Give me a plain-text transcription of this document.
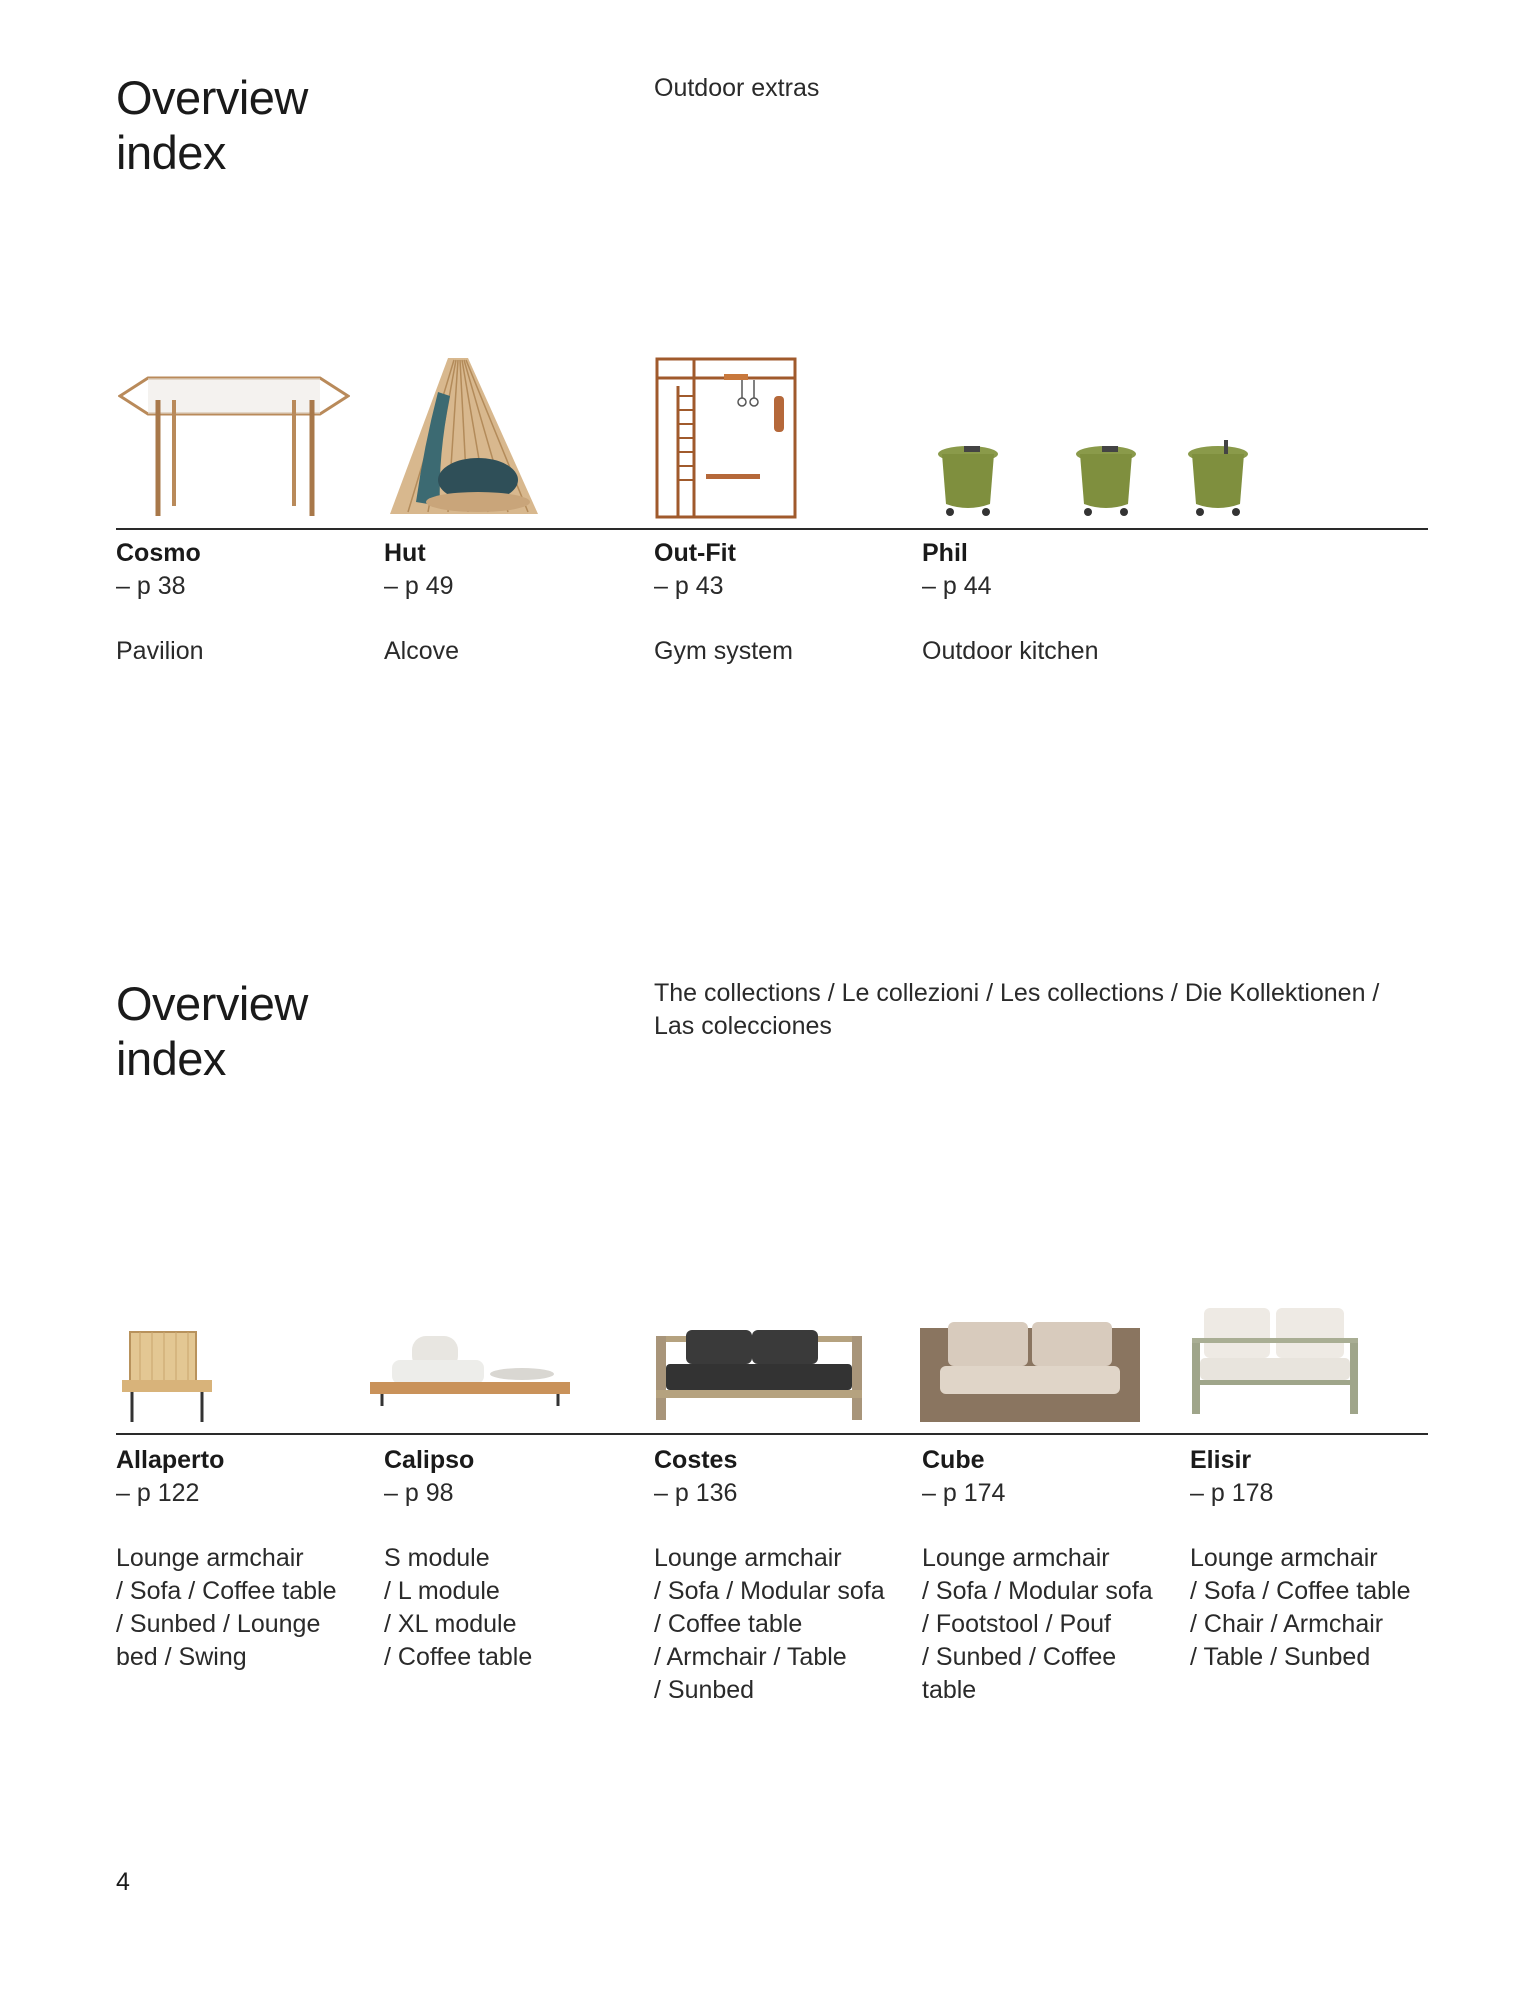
Overview
index

Outdoor extras

Cosmo
– p 38
Pavilion
Hut
– p 49
Alcove
Out-Fit
– p 43
Gym system
Phil
– p 44
Outdoor kitchen
Overview
index

The collections / Le collezioni / Les collections / Die Kollektionen / Las colecciones

Allaperto
– p 122
Lounge armchair
/ Sofa / Coffee table
/ Sunbed / Lounge
bed / Swing
Calipso
– p 98
S module
/ L module
/ XL module
/ Coffee table
Costes
– p 136
Lounge armchair
/ Sofa / Modular sofa
/ Coffee table
/ Armchair / Table
/ Sunbed
Cube
– p 174
Lounge armchair
/ Sofa / Modular sofa
/ Footstool / Pouf
/ Sunbed / Coffee
table
Elisir
– p 178
Lounge armchair
/ Sofa / Coffee table
/ Chair / Armchair
/ Table / Sunbed
4
